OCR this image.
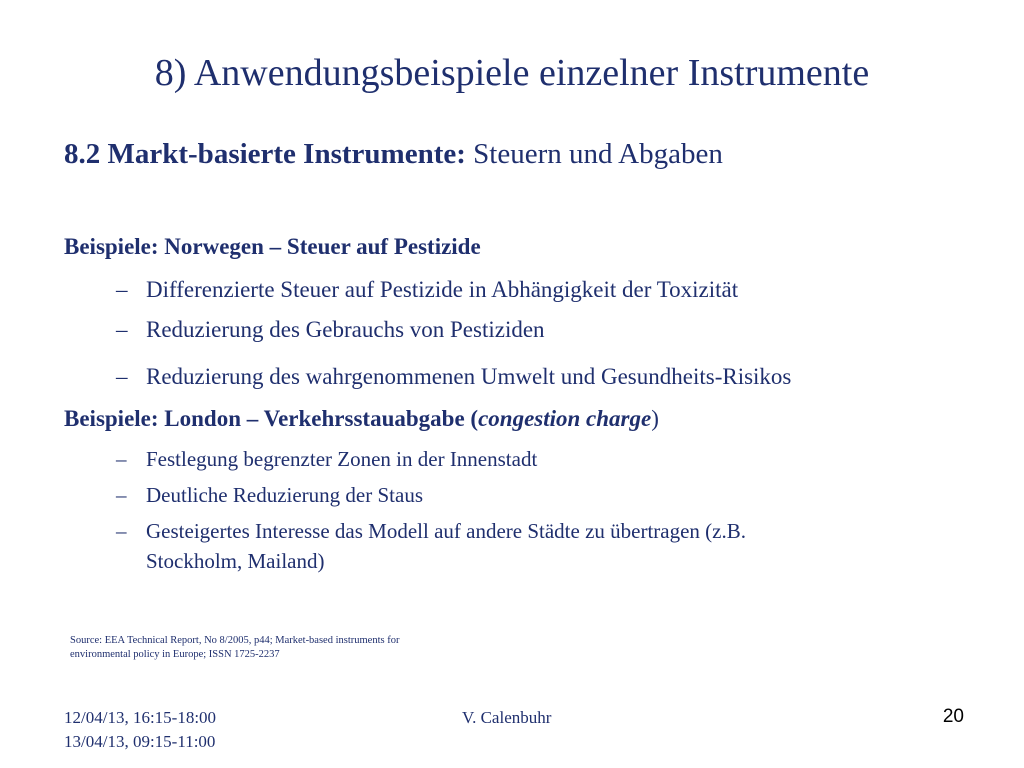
8) Anwendungsbeispiele einzelner Instrumente
8.2 Markt-basierte Instrumente: Steuern und Abgaben
Beispiele: Norwegen – Steuer auf Pestizide
– Differenzierte Steuer auf Pestizide in Abhängigkeit der Toxizität
– Reduzierung des Gebrauchs von Pestiziden
– Reduzierung des wahrgenommenen Umwelt und Gesundheits-Risikos
Beispiele: London – Verkehrsstauabgabe (congestion charge)
– Festlegung begrenzter Zonen in der Innenstadt
– Deutliche Reduzierung der Staus
– Gesteigertes Interesse das Modell auf andere Städte zu übertragen (z.B.
Stockholm, Mailand)
Source: EEA Technical Report, No 8/2005, p44; Market-based instruments for
environmental policy in Europe; ISSN 1725-2237
12/04/13, 16:15-18:00
13/04/13, 09:15-11:00
V. Calenbuhr	20
